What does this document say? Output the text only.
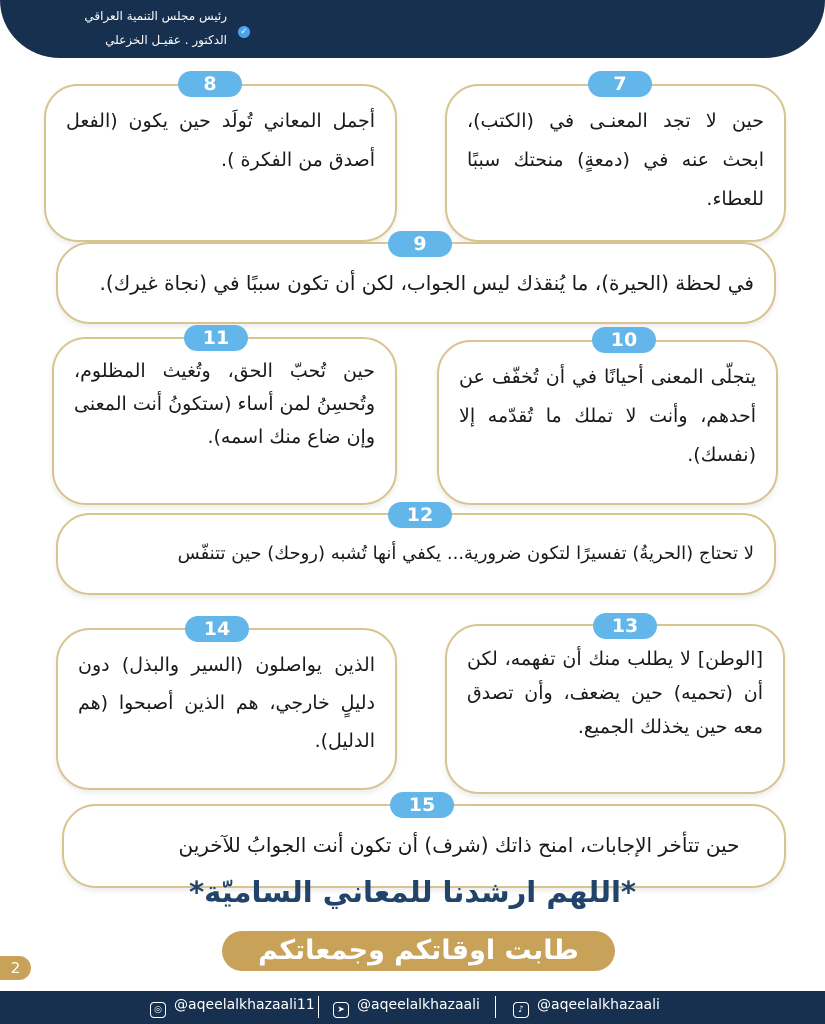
رئيس مجلس التنمية العراقي
الدكتور . عقيـل الخزعلي
✓
7

حين لا تجد المعنـى في (الكتب)، ابحث عنه في (دمعةٍ) منحتك سببًا للعطاء.

8

أجمل المعاني تُولَد حين يكون (الفعل أصدق من الفكرة ).

9

في لحظة (الحيرة)، ما يُنقذك ليس الجواب، لكن أن تكون سببًا في (نجاة غيرك).

10

يتجلّى المعنى أحيانًا في أن تُخفّف عن أحدهم، وأنت لا تملك ما تُقدّمه إلا (نفسك).

11

حين تُحبّ الحق، وتُغيث المظلوم، وتُحسِنُ لمن أساء (ستكونُ أنت المعنى وإن ضاع منك اسمه).

12

لا تحتاج (الحريةُ) تفسيرًا لتكون ضرورية... يكفي أنها تُشبه (روحك) حين تتنفّس

13

[الوطن] لا يطلب منك أن تفهمه، لكن أن (تحميه) حين يضعف، وأن تصدق معه حين يخذلك الجميع.

14

الذين يواصلون (السير والبذل) دون دليلٍ خارجي، هم الذين أصبحوا (هم الدليل).

15

حين تتأخر الإجابات، امنح ذاتك (شرف) أن تكون أنت الجوابُ للآخرين

*اللهم ارشدنا للمعاني الساميّة*
طابت اوقاتكم وجمعاتكم
2
◎ @aqeelalkhazaali11	➤ @aqeelalkhazaali	♪ @aqeelalkhazaali
